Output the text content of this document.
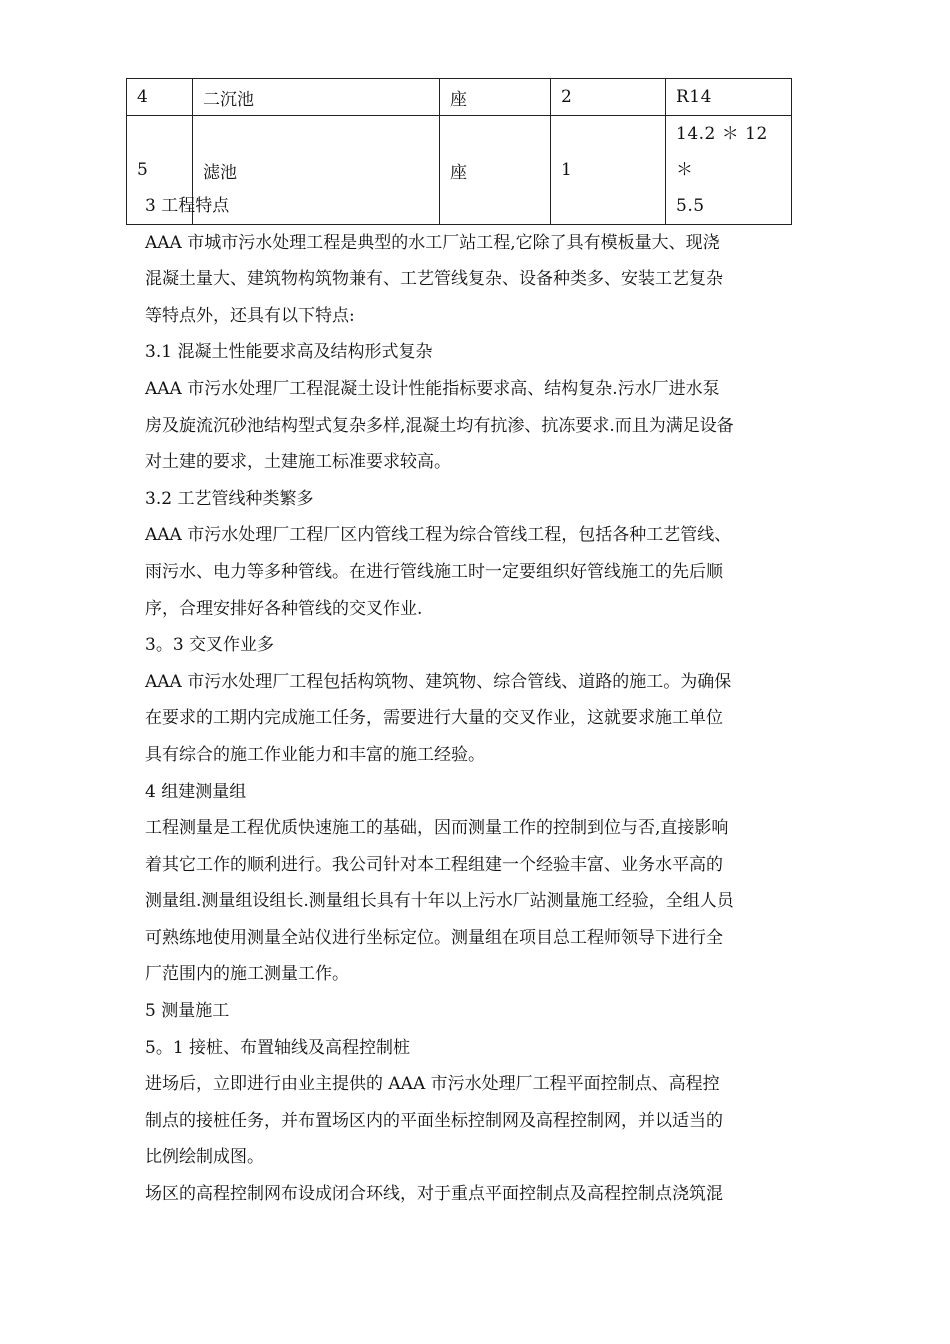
4	二沉池	座	2	R14

5	滤池	座	1	14.2 ＊ 12 ＊
5.5

3 工程特点

AAA 市城市污水处理工程是典型的水工厂站工程,它除了具有模板量大、现浇

混凝土量大、建筑物构筑物兼有、工艺管线复杂、设备种类多、安装工艺复杂

等特点外，还具有以下特点:

3.1 混凝土性能要求高及结构形式复杂

AAA 市污水处理厂工程混凝土设计性能指标要求高、结构复杂.污水厂进水泵

房及旋流沉砂池结构型式复杂多样,混凝土均有抗渗、抗冻要求.而且为满足设备

对土建的要求，土建施工标准要求较高。

3.2 工艺管线种类繁多

AAA 市污水处理厂工程厂区内管线工程为综合管线工程，包括各种工艺管线、

雨污水、电力等多种管线。在进行管线施工时一定要组织好管线施工的先后顺

序，合理安排好各种管线的交叉作业.

3。3 交叉作业多

AAA 市污水处理厂工程包括构筑物、建筑物、综合管线、道路的施工。为确保

在要求的工期内完成施工任务，需要进行大量的交叉作业，这就要求施工单位

具有综合的施工作业能力和丰富的施工经验。

4 组建测量组

工程测量是工程优质快速施工的基础，因而测量工作的控制到位与否,直接影响

着其它工作的顺利进行。我公司针对本工程组建一个经验丰富、业务水平高的

测量组.测量组设组长.测量组长具有十年以上污水厂站测量施工经验，全组人员

可熟练地使用测量全站仪进行坐标定位。测量组在项目总工程师领导下进行全

厂范围内的施工测量工作。

5 测量施工

5。1 接桩、布置轴线及高程控制桩

进场后，立即进行由业主提供的 AAA 市污水处理厂工程平面控制点、高程控

制点的接桩任务，并布置场区内的平面坐标控制网及高程控制网，并以适当的

比例绘制成图。

场区的高程控制网布设成闭合环线，对于重点平面控制点及高程控制点浇筑混
